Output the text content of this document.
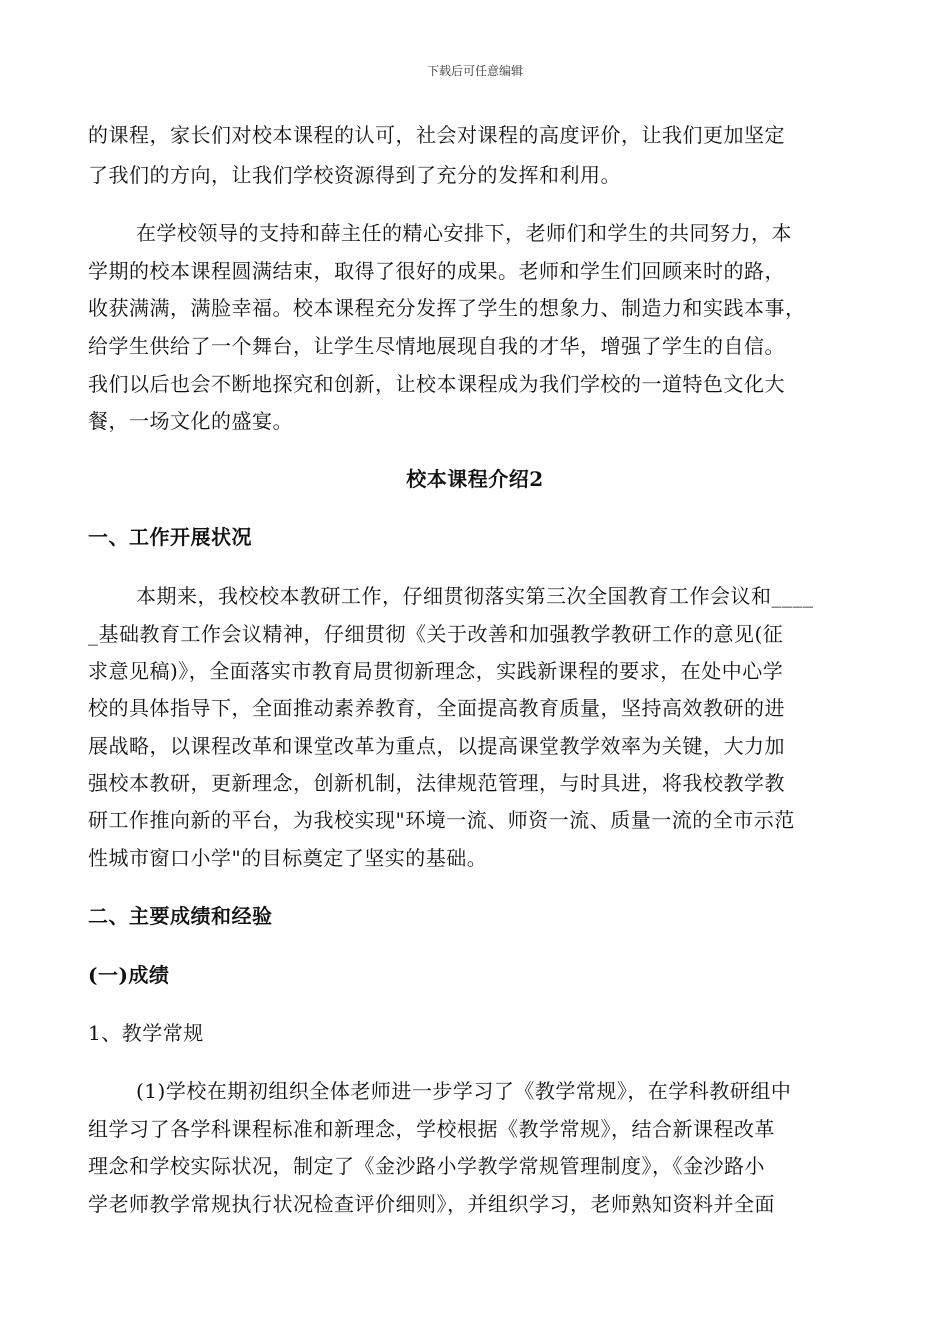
下载后可任意编辑
的课程，家长们对校本课程的认可，社会对课程的高度评价，让我们更加坚定
了我们的方向，让我们学校资源得到了充分的发挥和利用。
在学校领导的支持和薛主任的精心安排下，老师们和学生的共同努力，本
学期的校本课程圆满结束，取得了很好的成果。老师和学生们回顾来时的路，
收获满满，满脸幸福。校本课程充分发挥了学生的想象力、制造力和实践本事，
给学生供给了一个舞台，让学生尽情地展现自我的才华，增强了学生的自信。
我们以后也会不断地探究和创新，让校本课程成为我们学校的一道特色文化大
餐，一场文化的盛宴。
校本课程介绍2
一、工作开展状况
本期来，我校校本教研工作，仔细贯彻落实第三次全国教育工作会议和____
_基础教育工作会议精神，仔细贯彻《关于改善和加强教学教研工作的意见(征
求意见稿)》，全面落实市教育局贯彻新理念，实践新课程的要求，在处中心学
校的具体指导下，全面推动素养教育，全面提高教育质量，坚持高效教研的进
展战略，以课程改革和课堂改革为重点，以提高课堂教学效率为关键，大力加
强校本教研，更新理念，创新机制，法律规范管理，与时具进，将我校教学教
研工作推向新的平台，为我校实现"环境一流、师资一流、质量一流的全市示范
性城市窗口小学"的目标奠定了坚实的基础。
二、主要成绩和经验
(一)成绩
1、教学常规
(1)学校在期初组织全体老师进一步学习了《教学常规》，在学科教研组中
组学习了各学科课程标准和新理念，学校根据《教学常规》，结合新课程改革
理念和学校实际状况，制定了《金沙路小学教学常规管理制度》，《金沙路小
学老师教学常规执行状况检查评价细则》，并组织学习，老师熟知资料并全面
